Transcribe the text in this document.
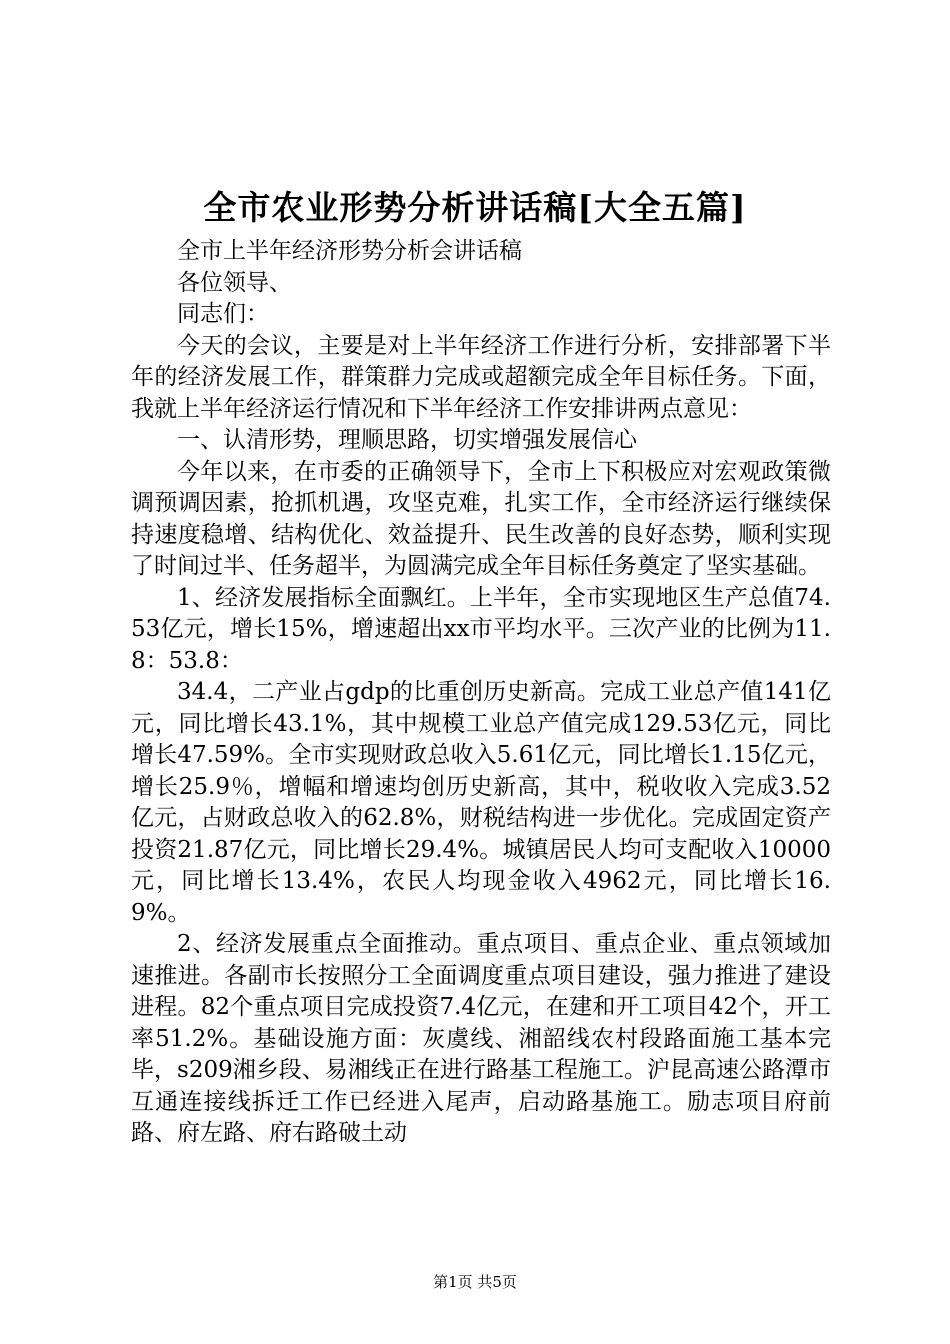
全市农业形势分析讲话稿[大全五篇]

全市上半年经济形势分析会讲话稿

各位领导、

同志们：

今天的会议，主要是对上半年经济工作进行分析，安排部署下半年的经济发展工作，群策群力完成或超额完成全年目标任务。下面，我就上半年经济运行情况和下半年经济工作安排讲两点意见：

一、认清形势，理顺思路，切实增强发展信心

今年以来，在市委的正确领导下，全市上下积极应对宏观政策微调预调因素，抢抓机遇，攻坚克难，扎实工作，全市经济运行继续保持速度稳增、结构优化、效益提升、民生改善的良好态势，顺利实现了时间过半、任务超半，为圆满完成全年目标任务奠定了坚实基础。

1、经济发展指标全面飘红。上半年，全市实现地区生产总值74.53亿元，增长15%，增速超出xx市平均水平。三次产业的比例为11.8：53.8：

34.4，二产业占gdp的比重创历史新高。完成工业总产值141亿元，同比增长43.1%，其中规模工业总产值完成129.53亿元，同比增长47.59%。全市实现财政总收入5.61亿元，同比增长1.15亿元，增长25.9％，增幅和增速均创历史新高，其中，税收收入完成3.52亿元，占财政总收入的62.8%，财税结构进一步优化。完成固定资产投资21.87亿元，同比增长29.4%。城镇居民人均可支配收入10000元，同比增长13.4%，农民人均现金收入4962元，同比增长16.9%。

2、经济发展重点全面推动。重点项目、重点企业、重点领域加速推进。各副市长按照分工全面调度重点项目建设，强力推进了建设进程。82个重点项目完成投资7.4亿元，在建和开工项目42个，开工率51.2%。基础设施方面：灰虞线、湘韶线农村段路面施工基本完毕，s209湘乡段、易湘线正在进行路基工程施工。沪昆高速公路潭市互通连接线拆迁工作已经进入尾声，启动路基施工。励志项目府前路、府左路、府右路破土动

第1页 共5页
